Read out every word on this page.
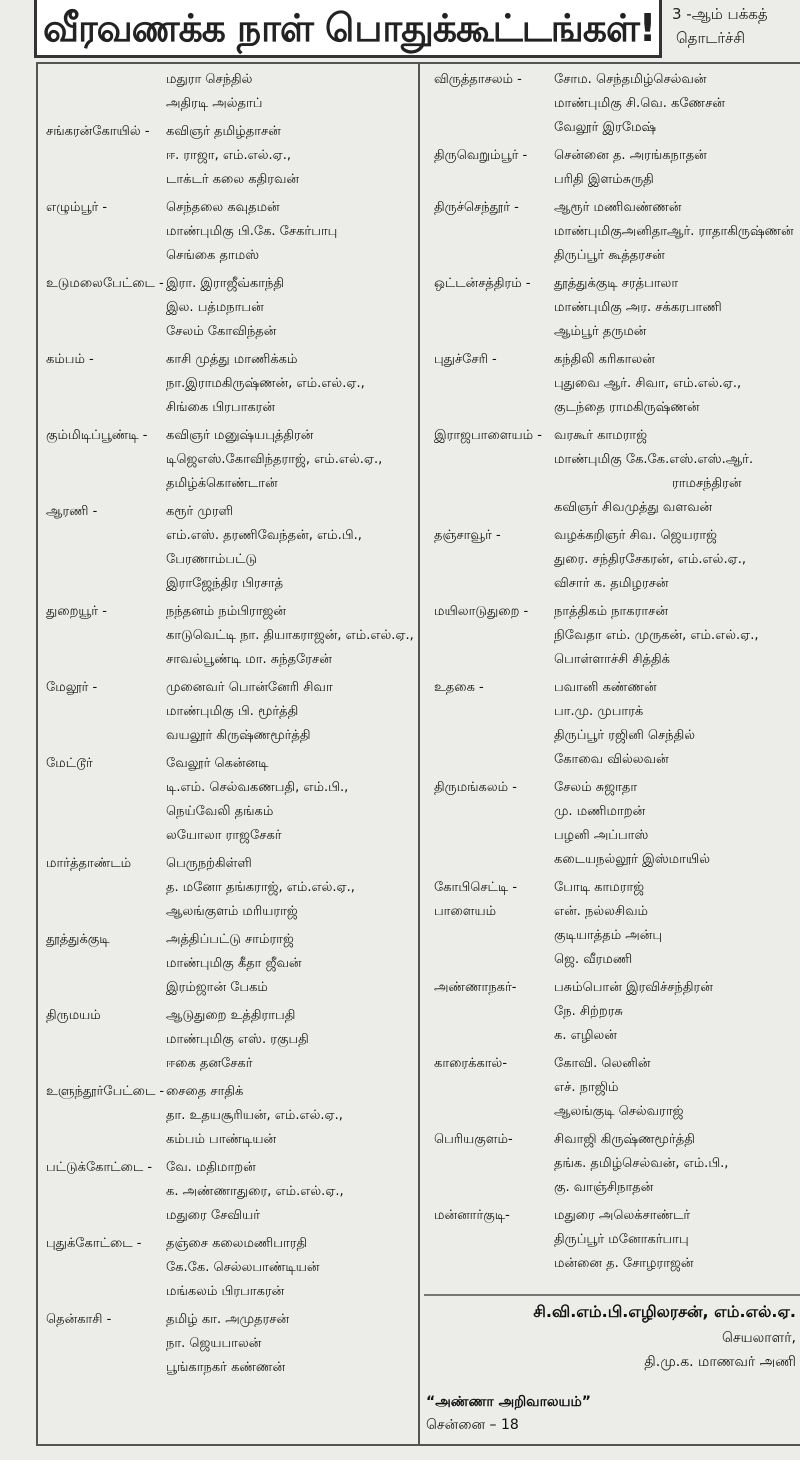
வீரவணக்க நாள் பொதுக்கூட்டங்கள்! 3 -ஆம் பக்கத்
தொடர்ச்சி
மதுரா செந்தில்
அதிரடி அல்தாப்
சங்கரன்கோயில் - கவிஞர் தமிழ்தாசன்
ஈ. ராஜா, எம்.எல்.ஏ.,
டாக்டர் கலை கதிரவன்
எழும்பூர் -	செந்தலை கவுதமன்
மாண்புமிகு பி.கே. சேகர்பாபு
செங்கை தாமஸ்
உடுமலைபேட்டை - இரா. இராஜீவ்காந்தி
இல. பத்மநாபன்
சேலம் கோவிந்தன்
கம்பம் -	காசி முத்து மாணிக்கம்
நா.இராமகிருஷ்ணன், எம்.எல்.ஏ.,
சிங்கை பிரபாகரன்
கும்மிடிப்பூண்டி - கவிஞர் மனுஷ்யபுத்திரன்
டிஜெஎஸ்.கோவிந்தராஜ், எம்.எல்.ஏ.,
தமிழ்க்கொண்டான்
ஆரணி -	கரூர் முரளி
எம்.எஸ். தரணிவேந்தன், எம்.பி.,
பேரணாம்பட்டு
இராஜேந்திர பிரசாத்
துறையூர் -	நந்தனம் நம்பிராஜன்
காடுவெட்டி நா. தியாகராஜன், எம்.எல்.ஏ.,
சாவல்பூண்டி மா. சுந்தரேசன்
மேலூர் -	முனைவர் பொன்னேரி சிவா
மாண்புமிகு பி. மூர்த்தி
வயலூர் கிருஷ்ணமூர்த்தி
மேட்டூர்	வேலூர் கென்னடி
டி.எம். செல்வகணபதி, எம்.பி.,
நெய்வேலி தங்கம்
லயோலா ராஜசேகர்
மார்த்தாண்டம்	பெருநற்கிள்ளி
த. மனோ தங்கராஜ், எம்.எல்.ஏ.,
ஆலங்குளம் மரியராஜ்
தூத்துக்குடி	அத்திப்பட்டு சாம்ராஜ்
மாண்புமிகு கீதா ஜீவன்
இரம்ஜான் பேகம்
திருமயம்	ஆடுதுறை உத்திராபதி
மாண்புமிகு எஸ். ரகுபதி
ஈகை தனசேகர்
உளுந்தூர்பேட்டை - சைதை சாதிக்
தா. உதயசூரியன், எம்.எல்.ஏ.,
கம்பம் பாண்டியன்
பட்டுக்கோட்டை - வே. மதிமாறன்
க. அண்ணாதுரை, எம்.எல்.ஏ.,
மதுரை சேவியர்
புதுக்கோட்டை - தஞ்சை கலைமணிபாரதி
கே.கே. செல்லபாண்டியன்
மங்கலம் பிரபாகரன்
தென்காசி -	தமிழ் கா. அமுதரசன்
நா. ஜெயபாலன்
பூங்காநகர் கண்ணன்
விருத்தாசலம் - சோம. செந்தமிழ்செல்வன்
மாண்புமிகு சி.வெ. கணேசன்
வேலூர் இரமேஷ்
திருவெறும்பூர் - சென்னை த. அரங்கநாதன்
பரிதி இளம்சுருதி
திருச்செந்தூர் -	ஆரூர் மணிவண்ணன்
மாண்புமிகுஅனிதாஆர். ராதாகிருஷ்ணன்
திருப்பூர் கூத்தரசன்
ஒட்டன்சத்திரம் - தூத்துக்குடி சரத்பாலா
மாண்புமிகு அர. சக்கரபாணி
ஆம்பூர் தருமன்
புதுச்சேரி -	கந்திலி கரிகாலன்
புதுவை ஆர். சிவா, எம்.எல்.ஏ.,
குடந்தை ராமகிருஷ்ணன்
இராஜபாளையம் - வரகூர் காமராஜ்
மாண்புமிகு கே.கே.எஸ்.எஸ்.ஆர்.
ராமசந்திரன்
கவிஞர் சிவமுத்து வளவன்
தஞ்சாவூர் -	வழக்கறிஞர் சிவ. ஜெயராஜ்
துரை. சந்திரசேகரன், எம்.எல்.ஏ.,
விசார் க. தமிழரசன்
மயிலாடுதுறை - நாத்திகம் நாகராசன்
நிவேதா எம். முருகன், எம்.எல்.ஏ.,
பொள்ளாச்சி சித்திக்
உதகை -	பவானி கண்ணன்
பா.மு. முபாரக்
திருப்பூர் ரஜினி செந்தில்
கோவை வில்லவன்
திருமங்கலம் -	சேலம் சுஜாதா
மு. மணிமாறன்
பழனி அப்பாஸ்
கடையநல்லூர் இஸ்மாயில்
கோபிசெட்டி -
பாளையம்
போடி காமராஜ்
என். நல்லசிவம்
குடியாத்தம் அன்பு
ஜெ. வீரமணி
அண்ணாநகர்-	பசும்பொன் இரவிச்சந்திரன்
நே. சிற்றரசு
க. எழிலன்
காரைக்கால்-	கோவி. லெனின்
எச். நாஜிம்
ஆலங்குடி செல்வராஜ்
பெரியகுளம்-	சிவாஜி கிருஷ்ணமூர்த்தி
தங்க. தமிழ்செல்வன், எம்.பி.,
கு. வாஞ்சிநாதன்
மன்னார்குடி-	மதுரை அலெக்சாண்டர்
திருப்பூர் மனோகர்பாபு
மன்னை த. சோழராஜன்
சி.வி.எம்.பி.எழிலரசன், எம்.எல்.ஏ.
செயலாளர்,
தி.மு.க. மாணவர் அணி
“அண்ணா அறிவாலயம்”
சென்னை – 18
